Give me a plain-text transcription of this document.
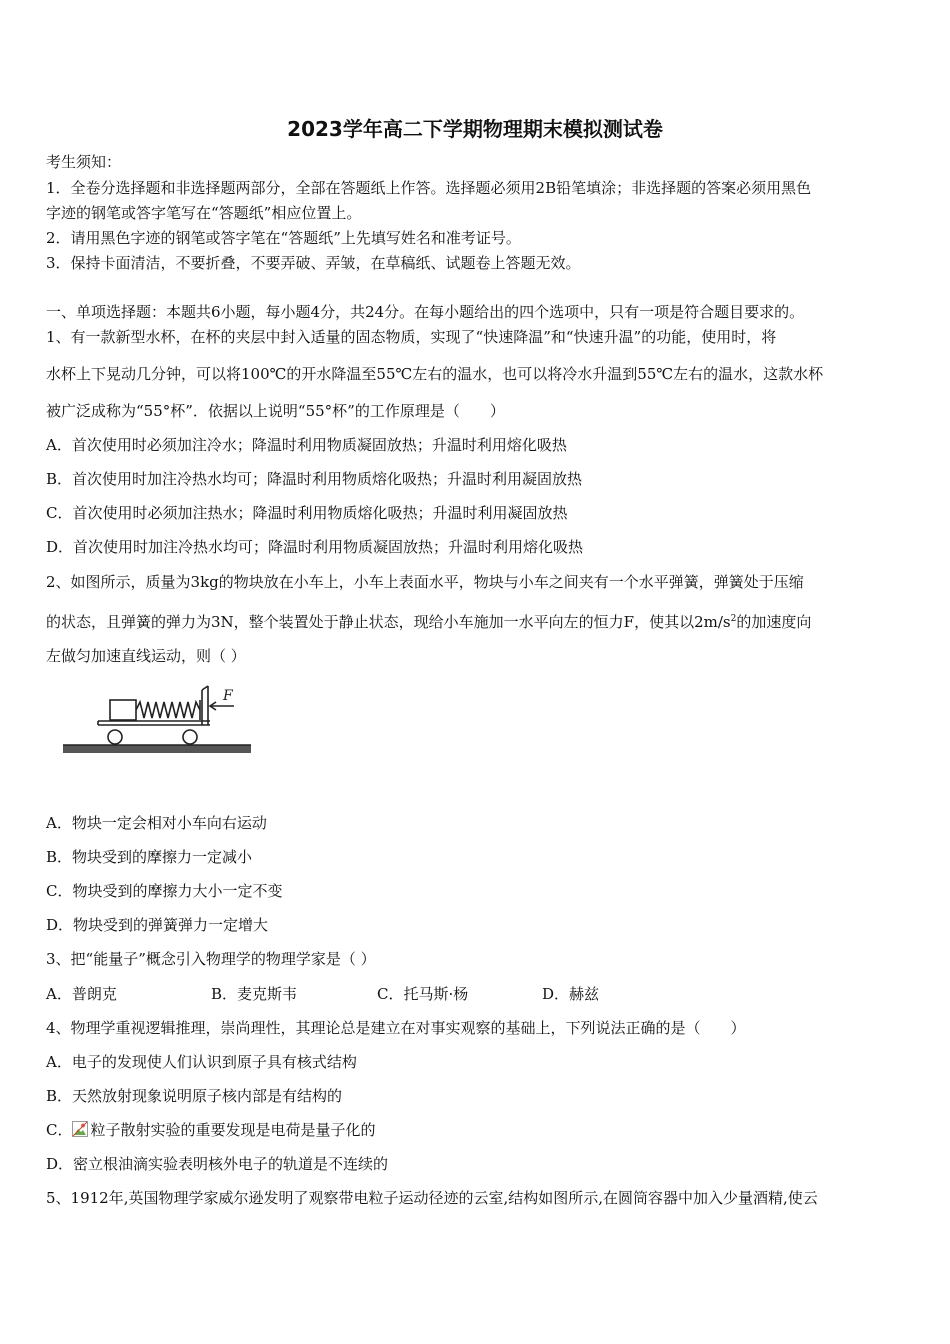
2023学年高二下学期物理期末模拟测试卷
考生须知：
1．全卷分选择题和非选择题两部分，全部在答题纸上作答。选择题必须用2B铅笔填涂；非选择题的答案必须用黑色
字迹的钢笔或答字笔写在“答题纸”相应位置上。
2．请用黑色字迹的钢笔或答字笔在“答题纸”上先填写姓名和准考证号。
3．保持卡面清洁，不要折叠，不要弄破、弄皱，在草稿纸、试题卷上答题无效。
一、单项选择题：本题共6小题，每小题4分，共24分。在每小题给出的四个选项中，只有一项是符合题目要求的。
1、有一款新型水杯，在杯的夹层中封入适量的固态物质，实现了“快速降温”和“快速升温”的功能，使用时，将
水杯上下晃动几分钟，可以将100℃的开水降温至55℃左右的温水，也可以将冷水升温到55℃左右的温水，这款水杯
被广泛成称为“55°杯”．依据以上说明“55°杯”的工作原理是（　　）
A．首次使用时必须加注冷水；降温时利用物质凝固放热；升温时利用熔化吸热
B．首次使用时加注冷热水均可；降温时利用物质熔化吸热；升温时利用凝固放热
C．首次使用时必须加注热水；降温时利用物质熔化吸热；升温时利用凝固放热
D．首次使用时加注冷热水均可；降温时利用物质凝固放热；升温时利用熔化吸热
2、如图所示，质量为3kg的物块放在小车上，小车上表面水平，物块与小车之间夹有一个水平弹簧，弹簧处于压缩
的状态，且弹簧的弹力为3N，整个装置处于静止状态，现给小车施加一水平向左的恒力F，使其以$2m/s^2$的加速度向
左做匀加速直线运动，则（ ）
F
A．物块一定会相对小车向右运动
B．物块受到的摩擦力一定减小
C．物块受到的摩擦力大小一定不变
D．物块受到的弹簧弹力一定增大
3、把“能量子”概念引入物理学的物理学家是（ ）
A．普朗克	B．麦克斯韦	C．托马斯·杨	D．赫兹
4、物理学重视逻辑推理，崇尚理性，其理论总是建立在对事实观察的基础上，下列说法正确的是（　　）
A．电子的发现使人们认识到原子具有核式结构
B．天然放射现象说明原子核内部是有结构的
C． 粒子散射实验的重要发现是电荷是量子化的
D．密立根油滴实验表明核外电子的轨道是不连续的
5、1912年,英国物理学家威尔逊发明了观察带电粒子运动径迹的云室,结构如图所示,在圆筒容器中加入少量酒精,使云
